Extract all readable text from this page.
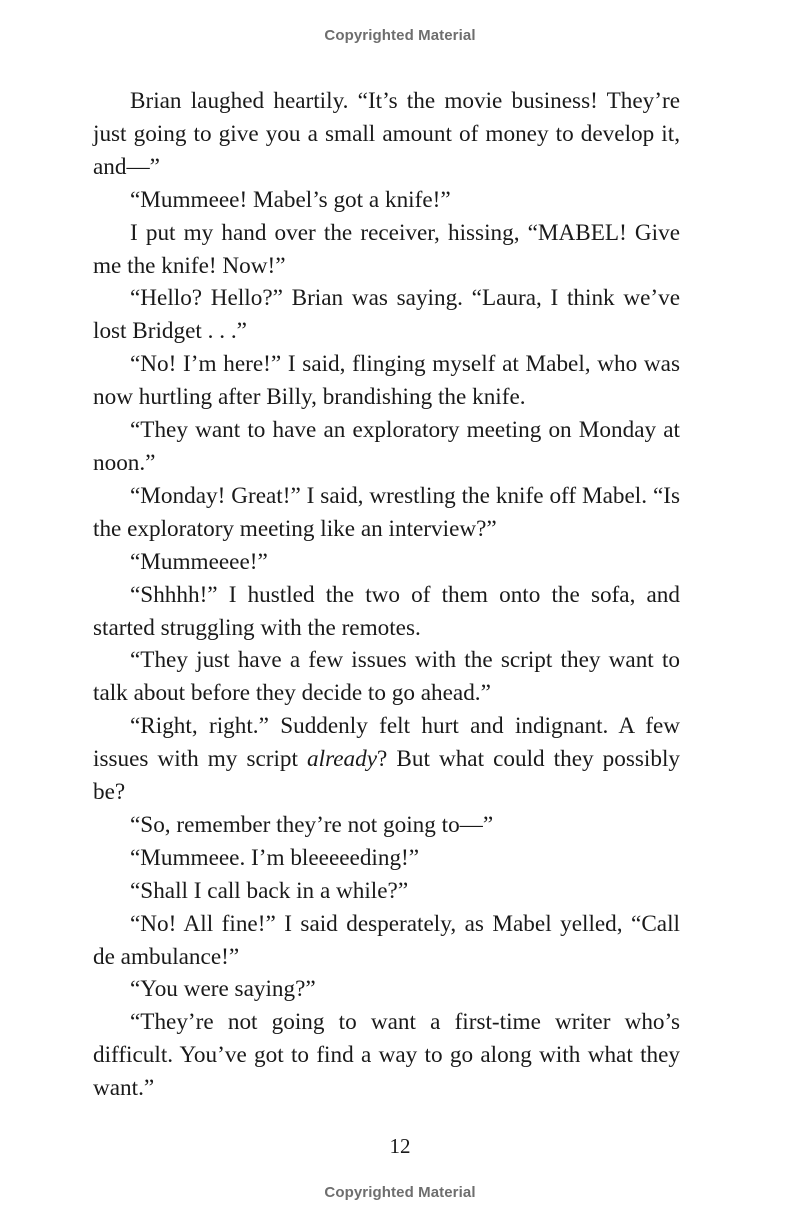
Copyrighted Material

Brian laughed heartily. “It’s the movie business! They’re just going to give you a small amount of money to develop it, and—”

“Mummeee! Mabel’s got a knife!”

I put my hand over the receiver, hissing, “MABEL! Give me the knife! Now!”

“Hello? Hello?” Brian was saying. “Laura, I think we’ve lost Bridget . . .”

“No! I’m here!” I said, flinging myself at Mabel, who was now hurtling after Billy, brandishing the knife.

“They want to have an exploratory meeting on Monday at noon.”

“Monday! Great!” I said, wrestling the knife off Mabel. “Is the exploratory meeting like an interview?”

“Mummeeee!”

“Shhhh!” I hustled the two of them onto the sofa, and started struggling with the remotes.

“They just have a few issues with the script they want to talk about before they decide to go ahead.”

“Right, right.” Suddenly felt hurt and indignant. A few issues with my script already? But what could they possibly be?

“So, remember they’re not going to—”

“Mummeee. I’m bleeeeeding!”

“Shall I call back in a while?”

“No! All fine!” I said desperately, as Mabel yelled, “Call de ambulance!”

“You were saying?”

“They’re not going to want a first-time writer who’s difficult. You’ve got to find a way to go along with what they want.”

12
Copyrighted Material
